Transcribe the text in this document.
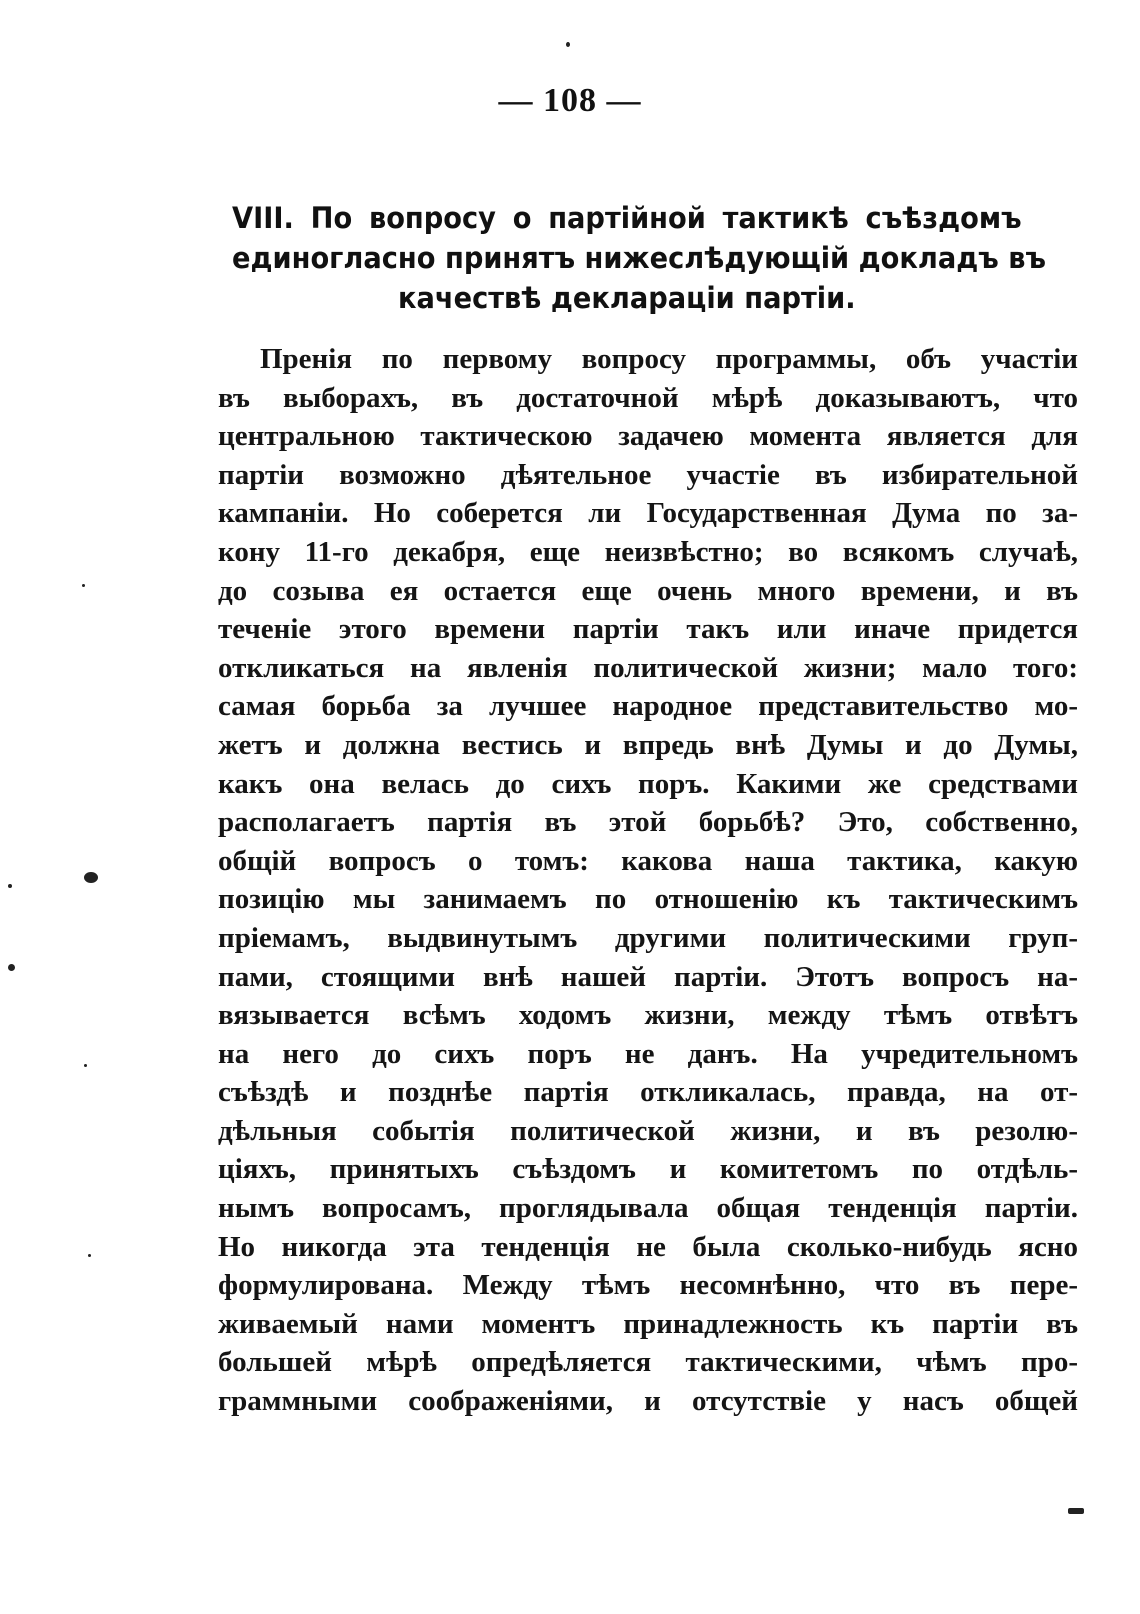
— 108 —
VIII. По вопросу о партійной тактикѣ съѣздомъ
единогласно принятъ нижеслѣдующій докладъ въ
качествѣ деклараціи партіи.
Пренія по первому вопросу программы, объ участіи
въ выборахъ, въ достаточной мѣрѣ доказываютъ, что
центральною тактическою задачею момента является для
партіи возможно дѣятельное участіе въ избирательной
кампаніи. Но соберется ли Государственная Дума по за-
кону 11-го декабря, еще неизвѣстно; во всякомъ случаѣ,
до созыва ея остается еще очень много времени, и въ
теченіе этого времени партіи такъ или иначе придется
откликаться на явленія политической жизни; мало того:
самая борьба за лучшее народное представительство мо-
жетъ и должна вестись и впредь внѣ Думы и до Думы,
какъ она велась до сихъ поръ. Какими же средствами
располагаетъ партія въ этой борьбѣ? Это, собственно,
общій вопросъ о томъ: какова наша тактика, какую
позицію мы занимаемъ по отношенію къ тактическимъ
пріемамъ, выдвинутымъ другими политическими груп-
пами, стоящими внѣ нашей партіи. Этотъ вопросъ на-
вязывается всѣмъ ходомъ жизни, между тѣмъ отвѣтъ
на него до сихъ поръ не данъ. На учредительномъ
съѣздѣ и позднѣе партія откликалась, правда, на от-
дѣльныя событія политической жизни, и въ резолю-
ціяхъ, принятыхъ съѣздомъ и комитетомъ по отдѣль-
нымъ вопросамъ, проглядывала общая тенденція партіи.
Но никогда эта тенденція не была сколько-нибудь ясно
формулирована. Между тѣмъ несомнѣнно, что въ пере-
живаемый нами моментъ принадлежность къ партіи въ
большей мѣрѣ опредѣляется тактическими, чѣмъ про-
граммными соображеніями, и отсутствіе у насъ общей
